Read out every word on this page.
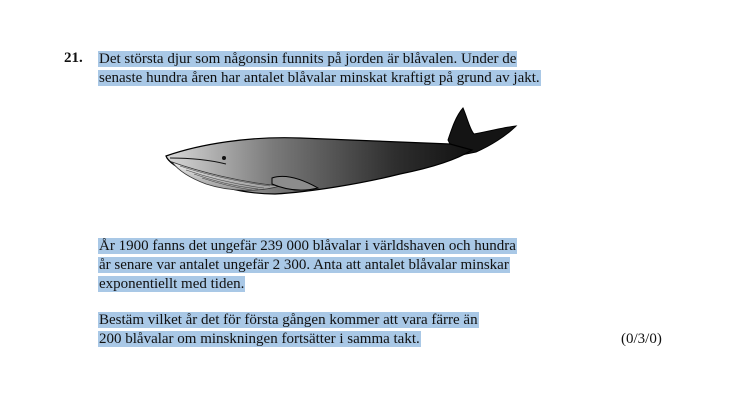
21. Det största djur som någonsin funnits på jorden är blåvalen. Under de
senaste hundra åren har antalet blåvalar minskat kraftigt på grund av jakt.
År 1900 fanns det ungefär 239 000 blåvalar i världshaven och hundra
år senare var antalet ungefär 2 300. Anta att antalet blåvalar minskar
exponentiellt med tiden.
Bestäm vilket år det för första gången kommer att vara färre än
200 blåvalar om minskningen fortsätter i samma takt.	(0/3/0)
